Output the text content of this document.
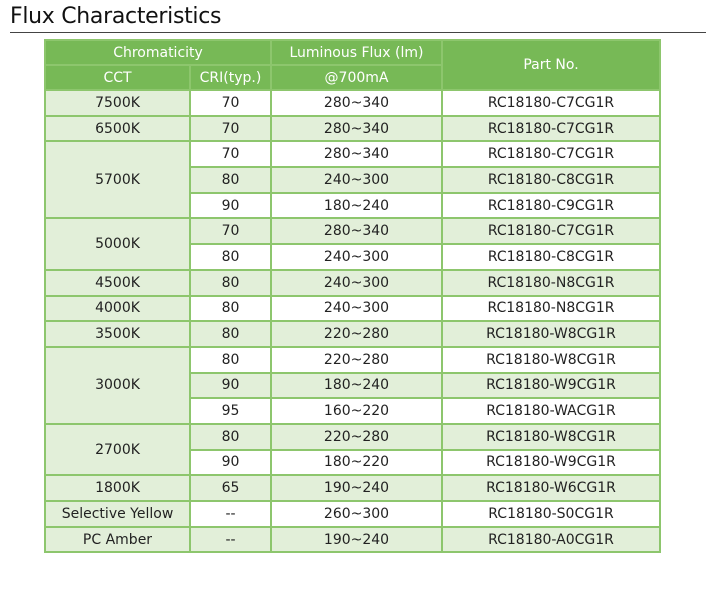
Flux Characteristics
Chromaticity		Luminous Flux (lm)	Part No.
CCT	CRI(typ.)	@700mA	
7500K	70	280~340	RC18180-C7CG1R
6500K	70	280~340	RC18180-C7CG1R
5700K	70	280~340	RC18180-C7CG1R
	80	240~300	RC18180-C8CG1R
	90	180~240	RC18180-C9CG1R
5000K	70	280~340	RC18180-C7CG1R
	80	240~300	RC18180-C8CG1R
4500K	80	240~300	RC18180-N8CG1R
4000K	80	240~300	RC18180-N8CG1R
3500K	80	220~280	RC18180-W8CG1R
3000K	80	220~280	RC18180-W8CG1R
	90	180~240	RC18180-W9CG1R
	95	160~220	RC18180-WACG1R
2700K	80	220~280	RC18180-W8CG1R
	90	180~220	RC18180-W9CG1R
1800K	65	190~240	RC18180-W6CG1R
Selective Yellow	--	260~300	RC18180-S0CG1R
PC Amber	--	190~240	RC18180-A0CG1R
